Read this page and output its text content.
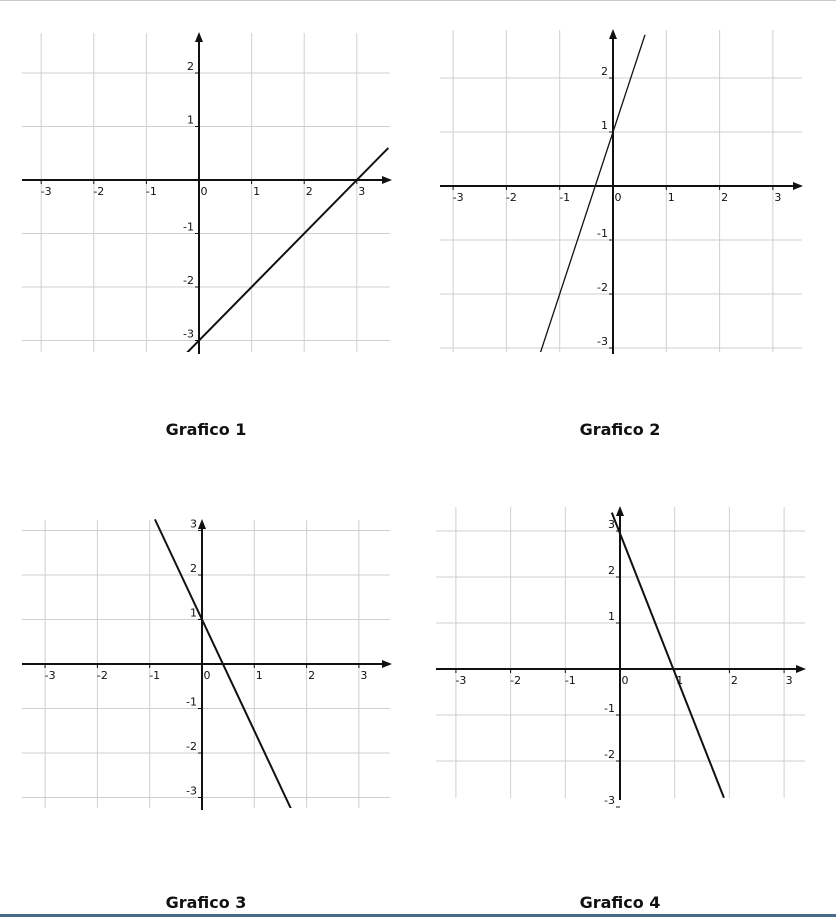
-3	-2	-1	0	1	2	3
2
1
-1
-2
-3
-3	-2	-1	0	1	2	3
2
1
-1
-2
-3
-3	-2	-1	0	1	2	3
3
2
1
-1
-2
-3
-3	-2	-1	0	1	2	3
3
2
1
-1
-2
-3
Grafico 1	Grafico 2
Grafico 3	Grafico 4
